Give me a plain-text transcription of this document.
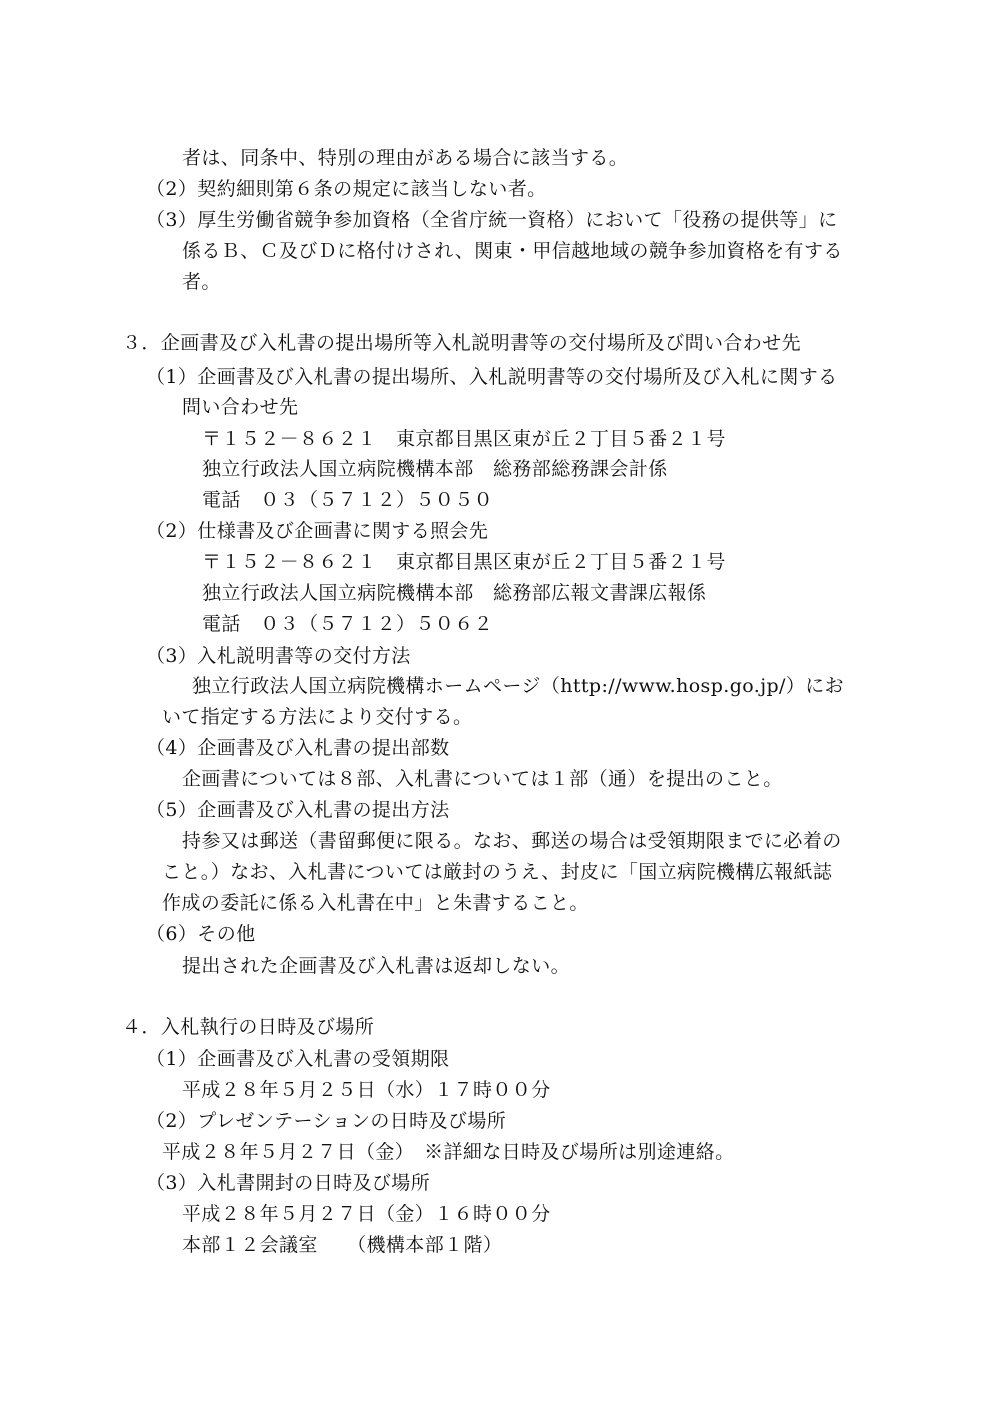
者は、同条中、特別の理由がある場合に該当する。
（2）契約細則第６条の規定に該当しない者。
（3）厚生労働省競争参加資格（全省庁統一資格）において「役務の提供等」に
係るＢ、Ｃ及びＤに格付けされ、関東・甲信越地域の競争参加資格を有する
者。
３．企画書及び入札書の提出場所等入札説明書等の交付場所及び問い合わせ先
（1）企画書及び入札書の提出場所、入札説明書等の交付場所及び入札に関する
問い合わせ先
〒１５２－８６２１　東京都目黒区東が丘２丁目５番２１号
独立行政法人国立病院機構本部　総務部総務課会計係
電話　０３（５７１２）５０５０
（2）仕様書及び企画書に関する照会先
〒１５２－８６２１　東京都目黒区東が丘２丁目５番２１号
独立行政法人国立病院機構本部　総務部広報文書課広報係
電話　０３（５７１２）５０６２
（3）入札説明書等の交付方法
独立行政法人国立病院機構ホームページ（http://www.hosp.go.jp/）にお
いて指定する方法により交付する。
（4）企画書及び入札書の提出部数
企画書については８部、入札書については１部（通）を提出のこと。
（5）企画書及び入札書の提出方法
持参又は郵送（書留郵便に限る。なお、郵送の場合は受領期限までに必着の
こと。）なお、入札書については厳封のうえ、封皮に「国立病院機構広報紙誌
作成の委託に係る入札書在中」と朱書すること。
（6）その他
提出された企画書及び入札書は返却しない。
４．入札執行の日時及び場所
（1）企画書及び入札書の受領期限
平成２８年５月２５日（水）１７時００分
（2）プレゼンテーションの日時及び場所
平成２８年５月２７日（金）　※詳細な日時及び場所は別途連絡。
（3）入札書開封の日時及び場所
平成２８年５月２７日（金）１６時００分
本部１２会議室　　（機構本部１階）
